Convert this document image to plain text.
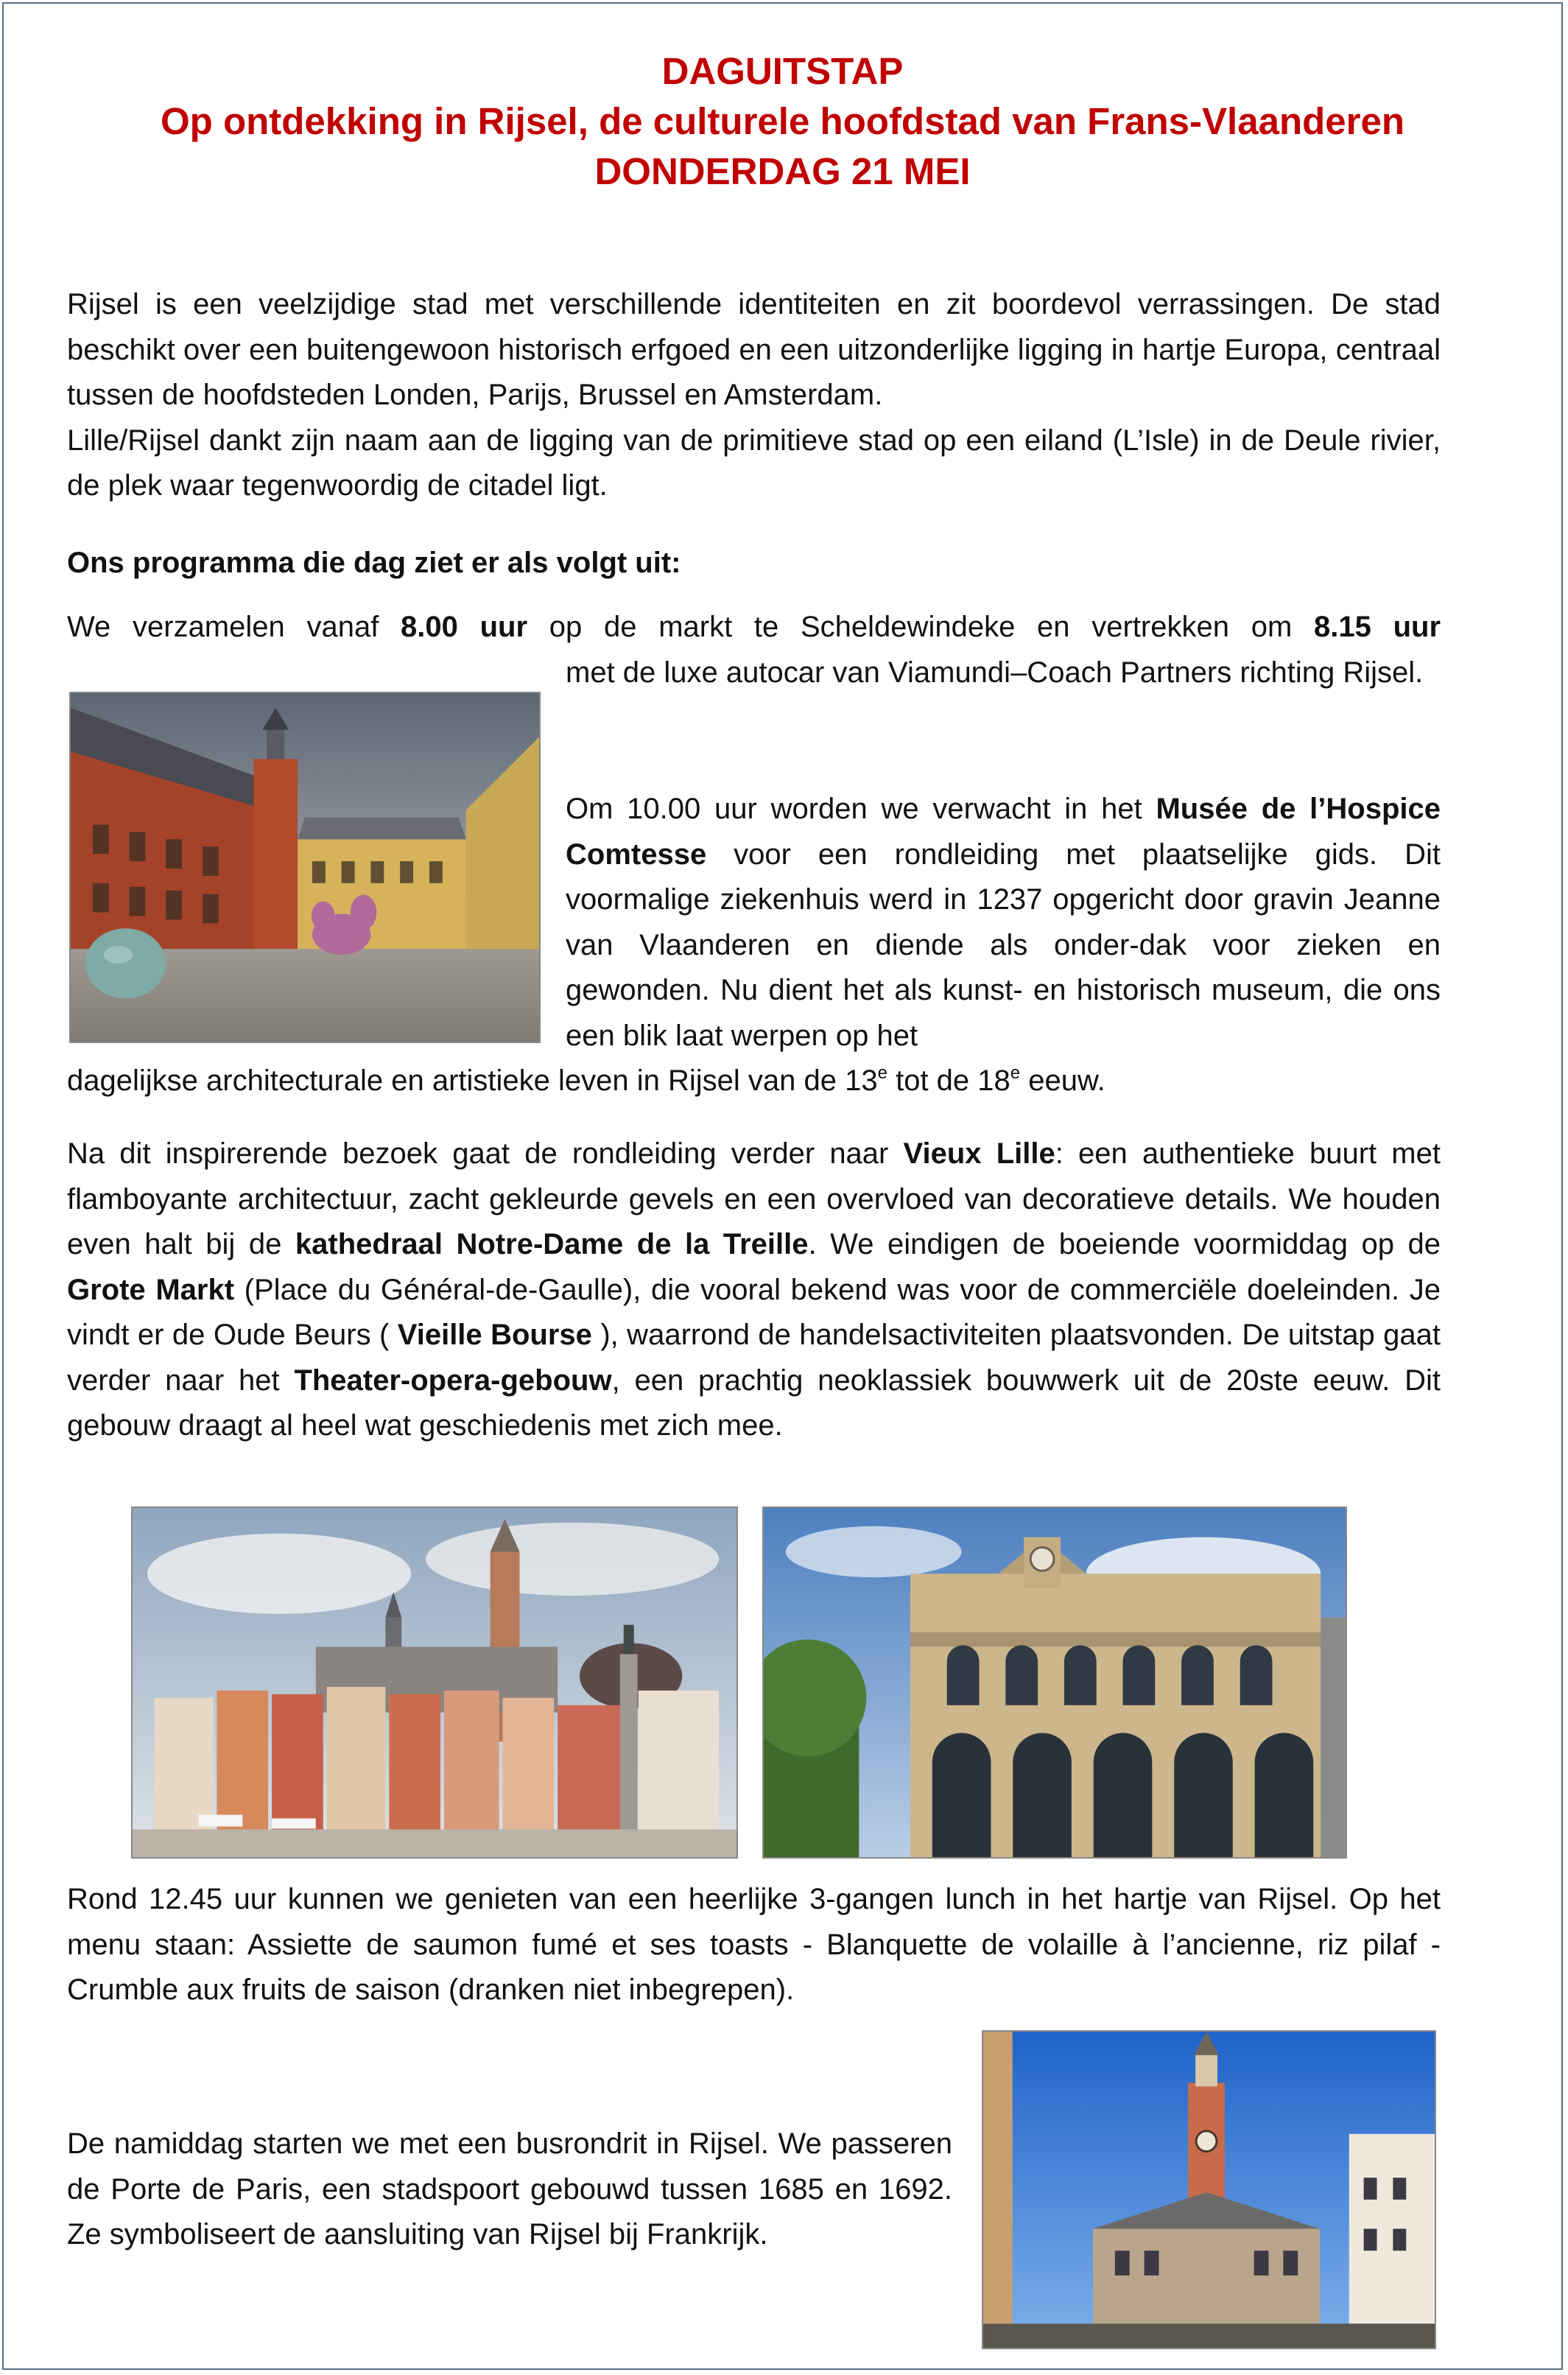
DAGUITSTAP
Op ontdekking in Rijsel, de culturele hoofdstad van Frans-Vlaanderen
DONDERDAG 21 MEI

Rijsel is een veelzijdige stad met verschillende identiteiten en zit boordevol verrassingen. De stad beschikt over een buitengewoon historisch erfgoed en een uitzonderlijke ligging in hartje Europa, centraal tussen de hoofdsteden Londen, Parijs, Brussel en Amsterdam.

Lille/Rijsel dankt zijn naam aan de ligging van de primitieve stad op een eiland (L’Isle) in de Deule rivier, de plek waar tegenwoordig de citadel ligt.

Ons programma die dag ziet er als volgt uit:
We verzamelen vanaf 8.00 uur op de markt te Scheldewindeke en vertrekken om 8.15 uur
met de luxe autocar van Viamundi–Coach Partners richting Rijsel.
Om 10.00 uur worden we verwacht in het Musée de l’Hospice Comtesse voor een rondleiding met plaatselijke gids. Dit voormalige ziekenhuis werd in 1237 opgericht door gravin Jeanne van Vlaanderen en diende als onder-dak voor zieken en gewonden. Nu dient het als kunst- en historisch museum, die ons een blik laat werpen op het
dagelijkse architecturale en artistieke leven in Rijsel van de 13e tot de 18e eeuw.
Na dit inspirerende bezoek gaat de rondleiding verder naar Vieux Lille: een authentieke buurt met flamboyante architectuur, zacht gekleurde gevels en een overvloed van decoratieve details. We houden even halt bij de kathedraal Notre-Dame de la Treille. We eindigen de boeiende voormiddag op de Grote Markt (Place du Général-de-Gaulle), die vooral bekend was voor de commerciële doeleinden. Je vindt er de Oude Beurs ( Vieille Bourse ), waarrond de handelsactiviteiten plaatsvonden. De uitstap gaat verder naar het Theater-opera-gebouw, een prachtig neoklassiek bouwwerk uit de 20ste eeuw. Dit gebouw draagt al heel wat geschiedenis met zich mee.
Rond 12.45 uur kunnen we genieten van een heerlijke 3-gangen lunch in het hartje van Rijsel. Op het menu staan: Assiette de saumon fumé et ses toasts - Blanquette de volaille à l’ancienne, riz pilaf - Crumble aux fruits de saison (dranken niet inbegrepen).
De namiddag starten we met een busrondrit in Rijsel. We passeren de Porte de Paris, een stadspoort gebouwd tussen 1685 en 1692. Ze symboliseert de aansluiting van Rijsel bij Frankrijk.
